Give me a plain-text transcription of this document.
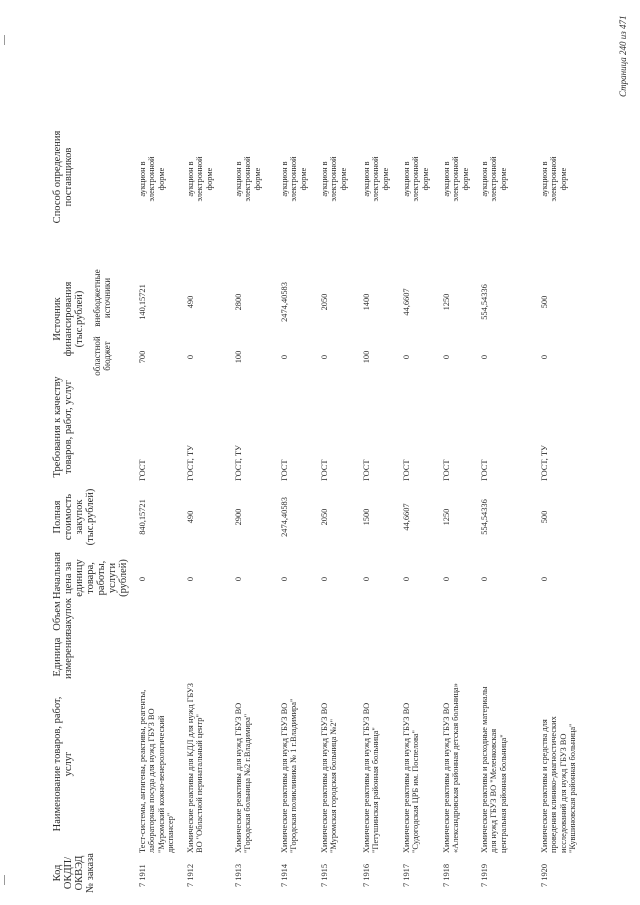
Код ОКДП/ ОКВЭД № заказа
Наименование товаров, работ, услуг
Единица измерения
Объем закупок
Начальная цена за единицу товара, работы, услуги (рублей)
Полная стоимость закупок (тыс.рублей)
Требования к качеству товаров, работ, услуг
Источник финансирования (тыс.рублей)
областной бюджет
внебюджетные источники
Способ определения поставщиков
7 1911
Тест-системы, антигены, реактивы, реагенты, лабораторная посуда для нужд ГБУЗ ВО "Муромский кожно-венерологический диспансер"
0
840,15721
ГОСТ
700
140,15721
аукцион в электронной форме
7 1912
Химические реактивы для КДЛ для нужд ГБУЗ ВО "Областной перинатальный центр"
0
490
ГОСТ, ТУ
0
490
аукцион в электронной форме
7 1913
Химические реактивы для нужд ГБУЗ ВО "Городская больница №2 г.Владимира"
0
2900
ГОСТ, ТУ
100
2800
аукцион в электронной форме
7 1914
Химические реактивы для нужд ГБУЗ ВО "Городская поликлиника № 1 г.Владимира"
0
2474,40583
ГОСТ
0
2474,40583
аукцион в электронной форме
7 1915
Химические реактивы для нужд ГБУЗ ВО "Муромская городская больница №2"
0
2050
ГОСТ
0
2050
аукцион в электронной форме
7 1916
Химические реактивы для нужд ГБУЗ ВО "Петушинская районная больница"
0
1500
ГОСТ
100
1400
аукцион в электронной форме
7 1917
Химические реактивы для нужд ГБУЗ ВО "Судогодская ЦРБ им. Поспелова"
0
44,6607
ГОСТ
0
44,6607
аукцион в электронной форме
7 1918
Химические реактивы для нужд ГБУЗ ВО «Александровская районная детская больница»
0
1250
ГОСТ
0
1250
аукцион в электронной форме
7 1919
Химические реактивы и расходные материалы для нужд ГБУЗ ВО "Меленковская центральная районная больница"
0
554,54336
ГОСТ
0
554,54336
аукцион в электронной форме
7 1920
Химические реактивы и средства для проведения клинико-диагностических исследований для нужд ГБУЗ ВО "Кувшиновская районная больница"
0
500
ГОСТ, ТУ
0
500
аукцион в электронной форме
Страница 240 из 471
